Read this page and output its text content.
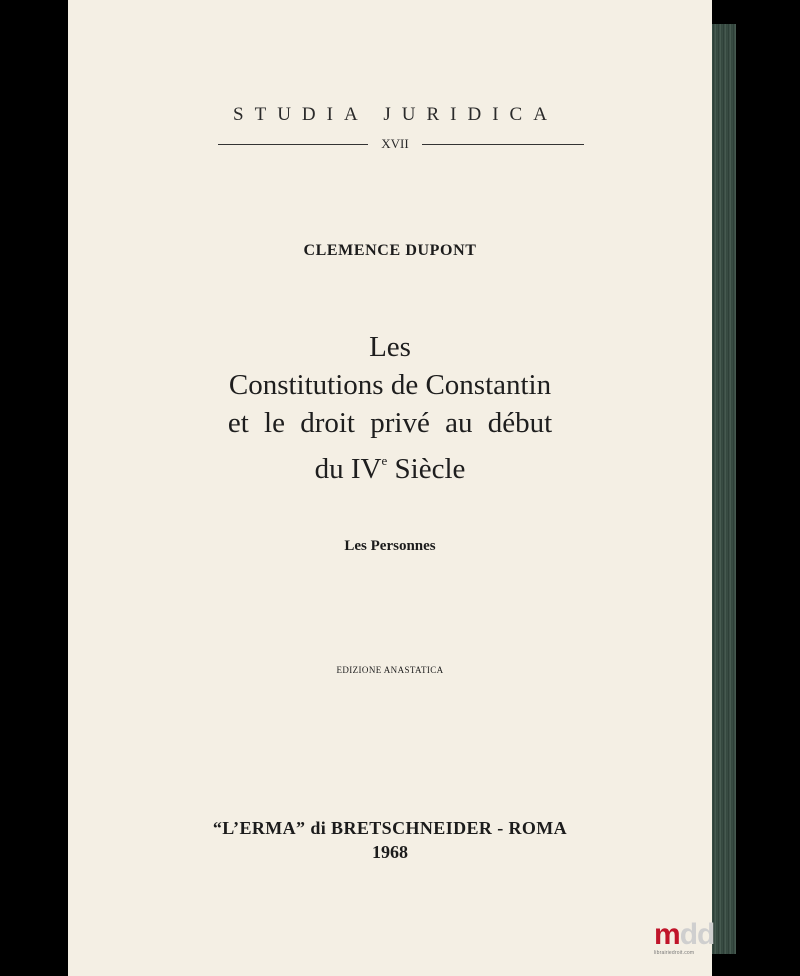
STUDIA JURIDICA
XVII
CLEMENCE DUPONT
Les
Constitutions de Constantin
et le droit privé au début
du IVe Siècle
Les Personnes
EDIZIONE ANASTATICA
“L’ERMA” di BRETSCHNEIDER - ROMA
1968
mdd
librairiedroit.com
